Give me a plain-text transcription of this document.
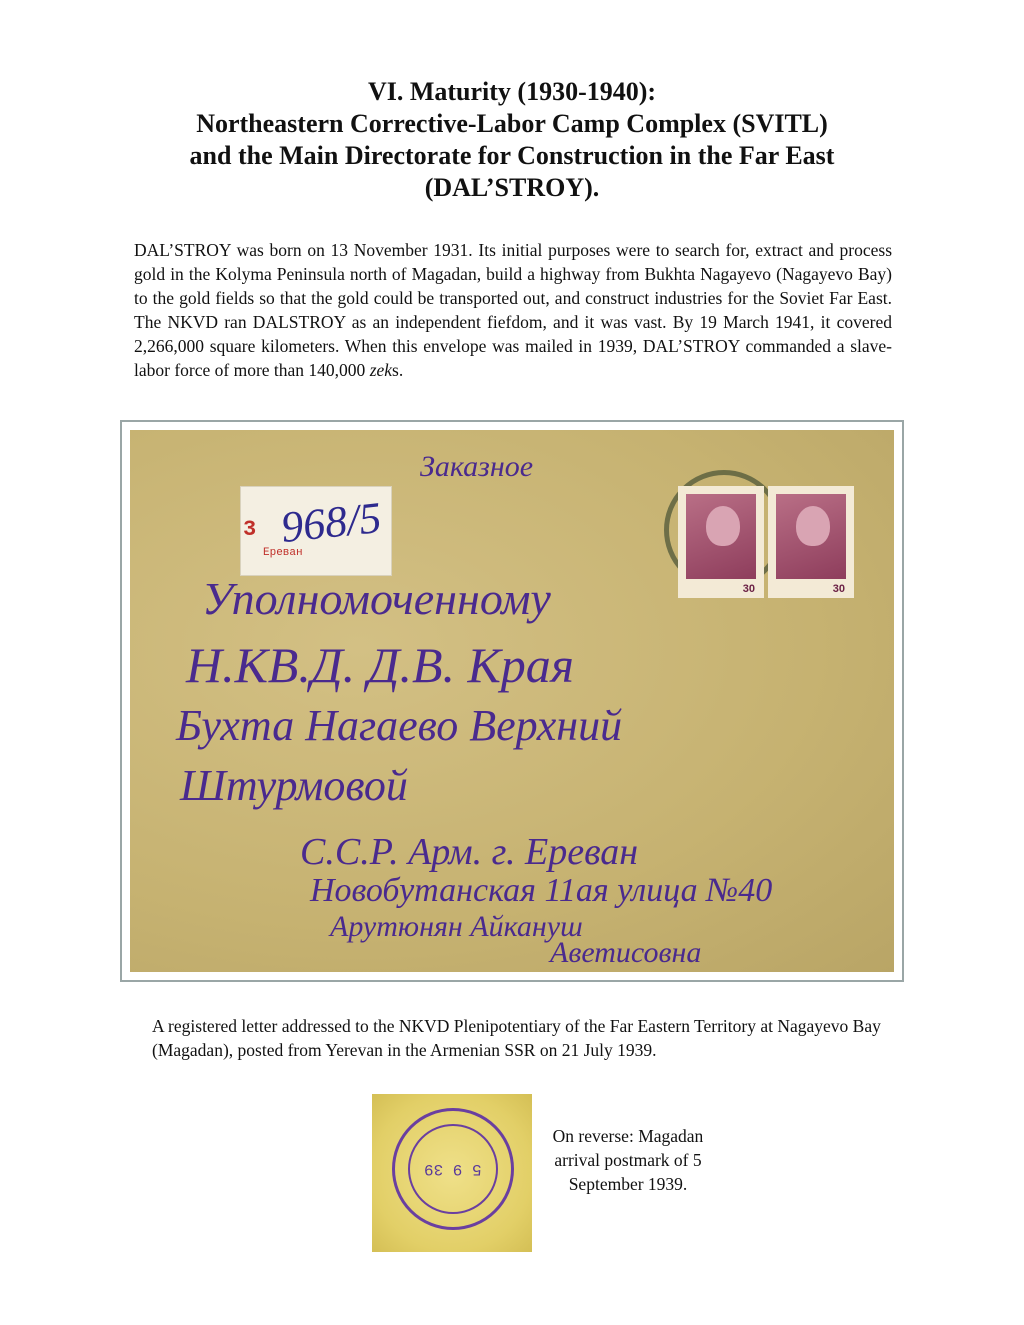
VI. Maturity (1930-1940):
Northeastern Corrective-Labor Camp Complex (SVITL)
and the Main Directorate for Construction in the Far East
(DAL’STROY).
DAL’STROY was born on 13 November 1931. Its initial purposes were to search for, extract and process gold in the Kolyma Peninsula north of Magadan, build a highway from Bukhta Nagayevo (Nagayevo Bay) to the gold fields so that the gold could be transported out, and construct industries for the Soviet Far East. The NKVD ran DALSTROY as an independent fiefdom, and it was vast. By 19 March 1941, it covered 2,266,000 square kilometers. When this envelope was mailed in 1939, DAL’STROY commanded a slave-labor force of more than 140,000 zeks.
3
Ереван
968/5
30	30
Заказное
Уполномоченному
Н.КВ.Д. Д.В. Края
Бухта Нагаево Верхний
Штурмовой
С.С.Р. Арм. г. Ереван
Новобутанская 11ая улица №40
Арутюнян Айкануш
Аветисовна
A registered letter addressed to the NKVD Plenipotentiary of the Far Eastern Territory at Nagayevo Bay (Magadan), posted from Yerevan in the Armenian SSR on 21 July 1939.
5 9 39
On reverse: Magadan arrival postmark of 5 September 1939.
